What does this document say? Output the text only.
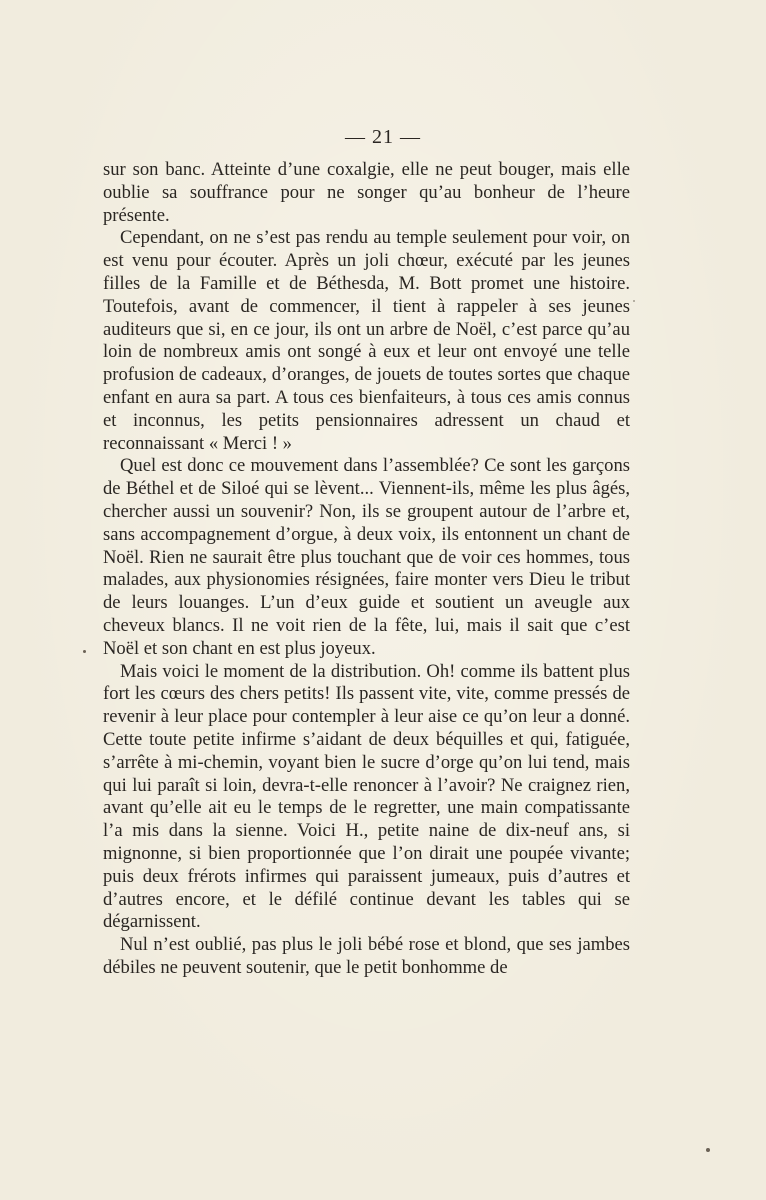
— 21 —

sur son banc. Atteinte d’une coxalgie, elle ne peut bouger, mais elle oublie sa souffrance pour ne songer qu’au bonheur de l’heure présente.

Cependant, on ne s’est pas rendu au temple seulement pour voir, on est venu pour écouter. Après un joli chœur, exécuté par les jeunes filles de la Famille et de Béthesda, M. Bott promet une histoire. Toutefois, avant de commencer, il tient à rappeler à ses jeunes auditeurs que si, en ce jour, ils ont un arbre de Noël, c’est parce qu’au loin de nombreux amis ont songé à eux et leur ont envoyé une telle profusion de cadeaux, d’oranges, de jouets de toutes sortes que chaque enfant en aura sa part. A tous ces bienfaiteurs, à tous ces amis connus et inconnus, les petits pensionnaires adressent un chaud et reconnaissant « Merci ! »

Quel est donc ce mouvement dans l’assemblée? Ce sont les garçons de Béthel et de Siloé qui se lèvent... Viennent-ils, même les plus âgés, chercher aussi un souvenir? Non, ils se groupent autour de l’arbre et, sans accompagnement d’orgue, à deux voix, ils entonnent un chant de Noël. Rien ne saurait être plus touchant que de voir ces hommes, tous malades, aux physionomies résignées, faire monter vers Dieu le tribut de leurs louanges. L’un d’eux guide et soutient un aveugle aux cheveux blancs. Il ne voit rien de la fête, lui, mais il sait que c’est Noël et son chant en est plus joyeux.

Mais voici le moment de la distribution. Oh! comme ils battent plus fort les cœurs des chers petits! Ils passent vite, vite, comme pressés de revenir à leur place pour contempler à leur aise ce qu’on leur a donné. Cette toute petite infirme s’aidant de deux béquilles et qui, fatiguée, s’arrête à mi-chemin, voyant bien le sucre d’orge qu’on lui tend, mais qui lui paraît si loin, devra-t-elle renoncer à l’avoir? Ne craignez rien, avant qu’elle ait eu le temps de le regretter, une main compatissante l’a mis dans la sienne. Voici H., petite naine de dix-neuf ans, si mignonne, si bien proportionnée que l’on dirait une poupée vivante; puis deux frérots infirmes qui paraissent jumeaux, puis d’autres et d’autres encore, et le défilé continue devant les tables qui se dégarnissent.

Nul n’est oublié, pas plus le joli bébé rose et blond, que ses jambes débiles ne peuvent soutenir, que le petit bonhomme de
